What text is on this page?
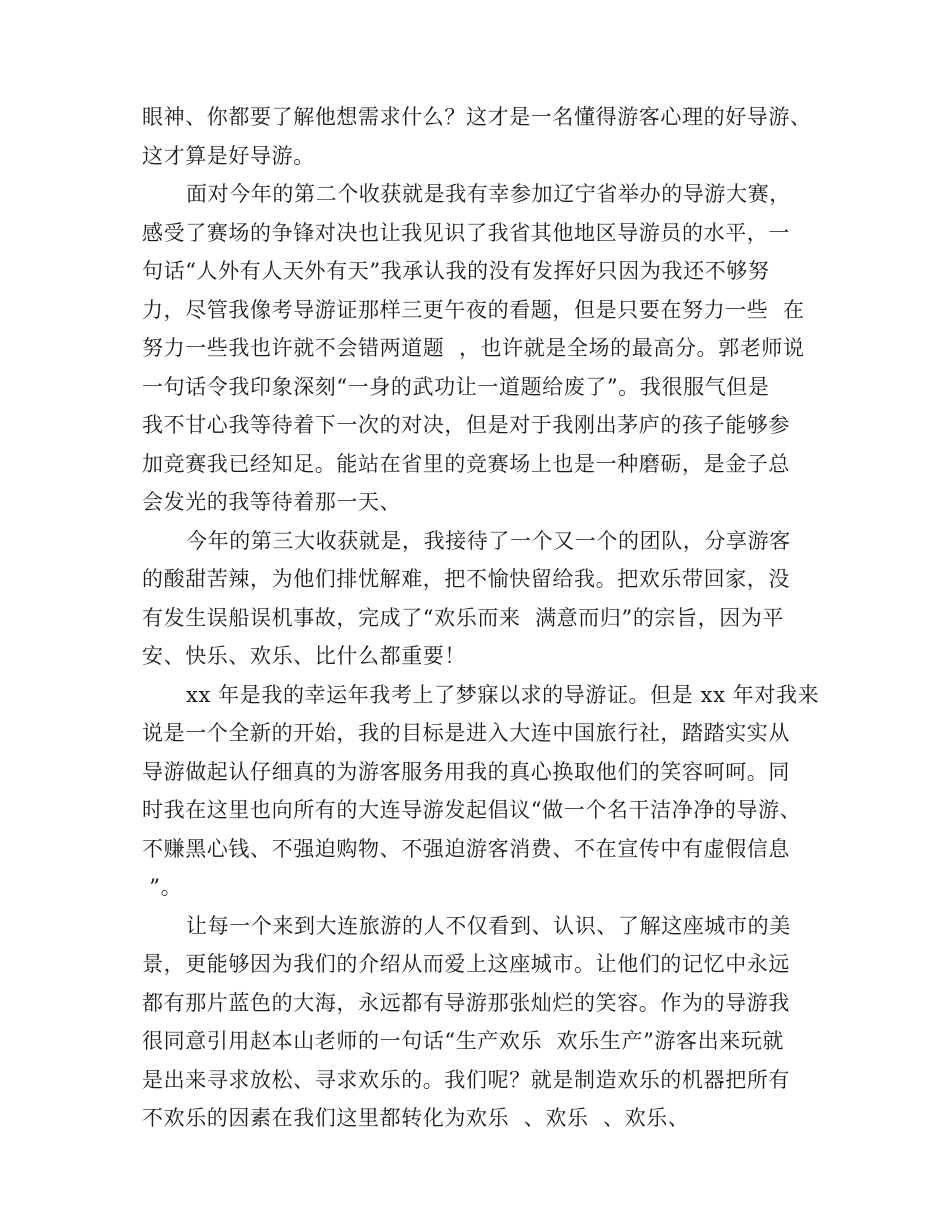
眼神、你都要了解他想需求什么？这才是一名懂得游客心理的好导游、
这才算是好导游。
面对今年的第二个收获就是我有幸参加辽宁省举办的导游大赛，
感受了赛场的争锋对决也让我见识了我省其他地区导游员的水平，一
句话“人外有人天外有天”我承认我的没有发挥好只因为我还不够努
力，尽管我像考导游证那样三更午夜的看题，但是只要在努力一些  在
努力一些我也许就不会错两道题  ，也许就是全场的最高分。郭老师说
一句话令我印象深刻“一身的武功让一道题给废了”。我很服气但是
我不甘心我等待着下一次的对决，但是对于我刚出茅庐的孩子能够参
加竞赛我已经知足。能站在省里的竞赛场上也是一种磨砺，是金子总
会发光的我等待着那一天、
今年的第三大收获就是，我接待了一个又一个的团队，分享游客
的酸甜苦辣，为他们排忧解难，把不愉快留给我。把欢乐带回家，没
有发生误船误机事故，完成了“欢乐而来  满意而归”的宗旨，因为平
安、快乐、欢乐、比什么都重要！
xx 年是我的幸运年我考上了梦寐以求的导游证。但是 xx 年对我来
说是一个全新的开始，我的目标是进入大连中国旅行社，踏踏实实从
导游做起认仔细真的为游客服务用我的真心换取他们的笑容呵呵。同
时我在这里也向所有的大连导游发起倡议“做一个名干洁净净的导游、
不赚黑心钱、不强迫购物、不强迫游客消费、不在宣传中有虚假信息
”。
让每一个来到大连旅游的人不仅看到、认识、了解这座城市的美
景，更能够因为我们的介绍从而爱上这座城市。让他们的记忆中永远
都有那片蓝色的大海，永远都有导游那张灿烂的笑容。作为的导游我
很同意引用赵本山老师的一句话“生产欢乐  欢乐生产”游客出来玩就
是出来寻求放松、寻求欢乐的。我们呢？就是制造欢乐的机器把所有
不欢乐的因素在我们这里都转化为欢乐  、欢乐  、欢乐、
